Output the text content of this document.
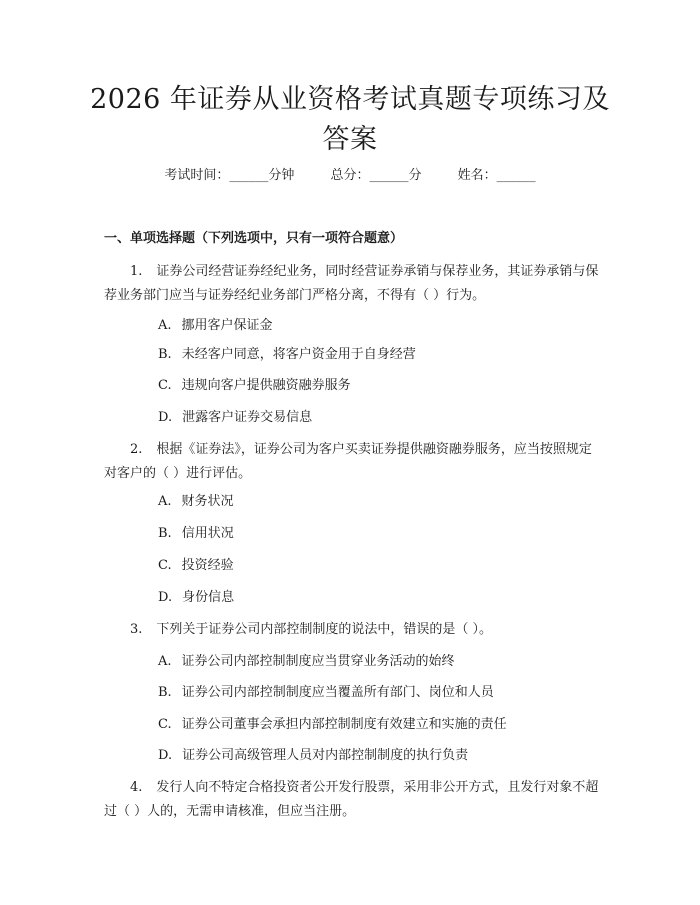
2026 年证券从业资格考试真题专项练习及答案
考试时间：______分钟	总分：______分	姓名：______
一、单项选择题（下列选项中，只有一项符合题意）
1. 证券公司经营证券经纪业务，同时经营证券承销与保荐业务，其证券承销与保荐业务部门应当与证券经纪业务部门严格分离，不得有（ ）行为。
A. 挪用客户保证金
B. 未经客户同意，将客户资金用于自身经营
C. 违规向客户提供融资融券服务
D. 泄露客户证券交易信息
2. 根据《证券法》，证券公司为客户买卖证券提供融资融券服务，应当按照规定对客户的（ ）进行评估。
A. 财务状况
B. 信用状况
C. 投资经验
D. 身份信息
3. 下列关于证券公司内部控制制度的说法中，错误的是（ ）。
A. 证券公司内部控制制度应当贯穿业务活动的始终
B. 证券公司内部控制制度应当覆盖所有部门、岗位和人员
C. 证券公司董事会承担内部控制制度有效建立和实施的责任
D. 证券公司高级管理人员对内部控制制度的执行负责
4. 发行人向不特定合格投资者公开发行股票，采用非公开方式，且发行对象不超过（ ）人的，无需申请核准，但应当注册。
